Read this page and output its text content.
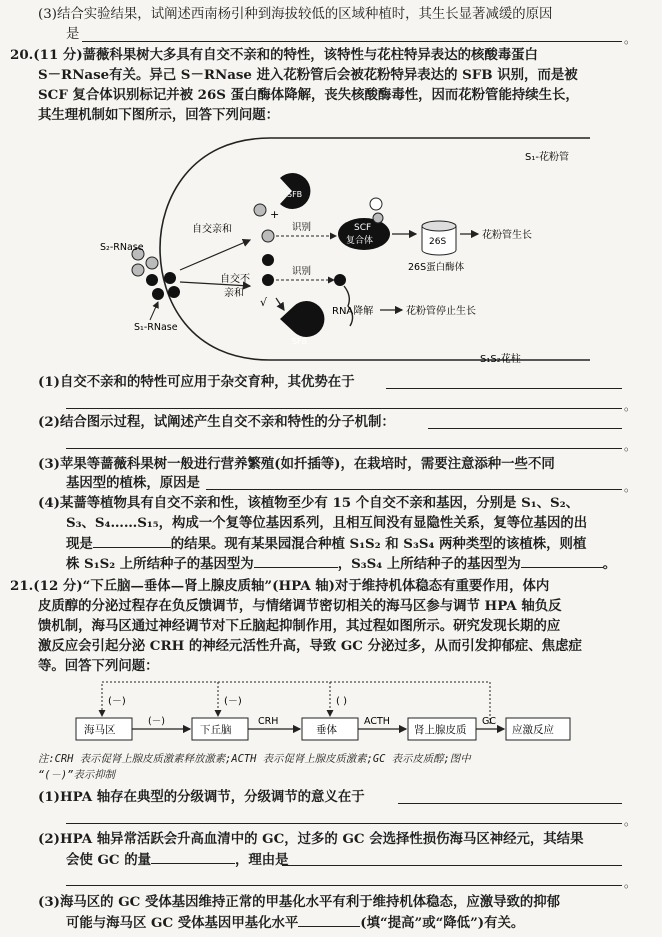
(3)结合实验结果，试阐述西南杨引种到海拔较低的区域种植时，其生长显著减缓的原因
是	。
20.(11 分)蔷薇科果树大多具有自交不亲和的特性，该特性与花柱特异表达的核酸毒蛋白
S－RNase有关。异己 S－RNase 进入花粉管后会被花粉特异表达的 SFB 识别，而是被
SCF 复合体识别标记并被 26S 蛋白酶体降解，丧失核酸酶毒性，因而花粉管能持续生长，
其生理机制如下图所示，回答下列问题：
S₁-花粉管
S₁S₂花柱
S₂-RNase
S₁-RNase
自交亲和
自交不
亲和
SFB
+
识别	SCF
复合体	26S
26S蛋白酶体
花粉管生长
识别
√
SFB
RNA降解	花粉管停止生长
(1)自交不亲和的特性可应用于杂交育种，其优势在于
。
(2)结合图示过程，试阐述产生自交不亲和特性的分子机制：
。
(3)苹果等蔷薇科果树一般进行营养繁殖(如扦插等)，在栽培时，需要注意添种一些不同
基因型的植株，原因是	。
(4)某蔷等植物具有自交不亲和性，该植物至少有 15 个自交不亲和基因，分别是 S₁、S₂、
S₃、S₄……S₁₅，构成一个复等位基因系列，且相互间没有显隐性关系，复等位基因的出
现是	的结果。现有某果园混合种植 S₁S₂ 和 S₃S₄ 两种类型的该植株，则植
株 S₁S₂ 上所结种子的基因型为	，S₃S₄ 上所结种子的基因型为	。
21.(12 分)“下丘脑—垂体—肾上腺皮质轴”(HPA 轴)对于维持机体稳态有重要作用，体内
皮质醇的分泌过程存在负反馈调节，与情绪调节密切相关的海马区参与调节 HPA 轴负反
馈机制，海马区通过神经调节对下丘脑起抑制作用，其过程如图所示。研究发现长期的应
激反应会引起分泌 CRH 的神经元活性升高，导致 GC 分泌过多，从而引发抑郁症、焦虑症
等。回答下列问题：
(－)	(－)	( )
海马区	下丘脑	垂体	肾上腺皮质	应激反应
(－)	CRH	ACTH	GC
注:CRH 表示促肾上腺皮质激素释放激素;ACTH 表示促肾上腺皮质激素;GC 表示皮质醇;图中
“(－)”表示抑制
(1)HPA 轴存在典型的分级调节，分级调节的意义在于
。
(2)HPA 轴异常活跃会升高血清中的 GC，过多的 GC 会选择性损伤海马区神经元，其结果
会使 GC 的量	，理由是
。
(3)海马区的 GC 受体基因维持正常的甲基化水平有利于维持机体稳态，应激导致的抑郁
可能与海马区 GC 受体基因甲基化水平	(填“提高”或“降低”)有关。
